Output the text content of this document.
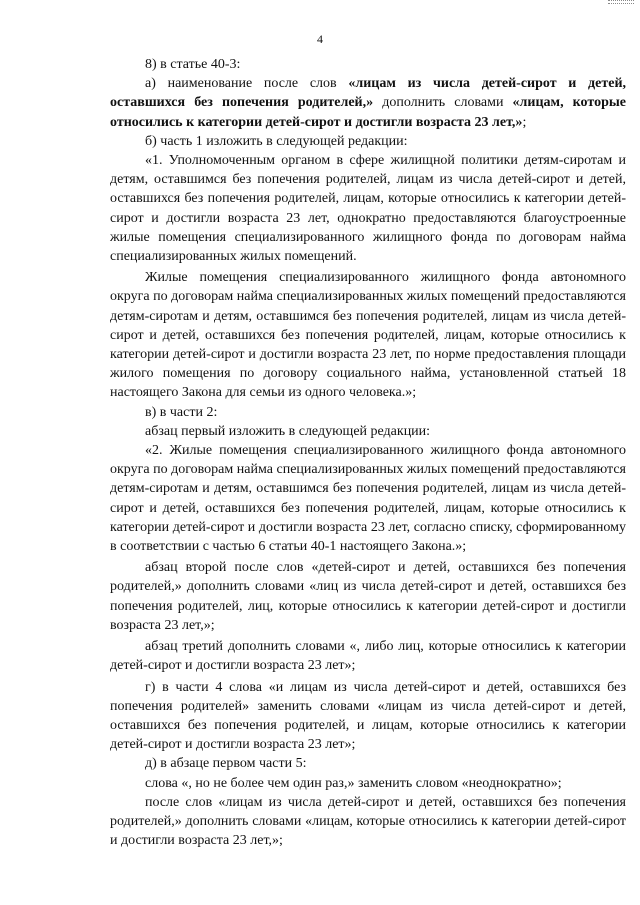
4

8) в статье 40-3:

а) наименование после слов «лицам из числа детей-сирот и детей, оставшихся без попечения родителей,» дополнить словами «лицам, которые относились к категории детей-сирот и достигли возраста 23 лет,»;

б) часть 1 изложить в следующей редакции:

«1. Уполномоченным органом в сфере жилищной политики детям-сиротам и детям, оставшимся без попечения родителей, лицам из числа детей-сирот и детей, оставшихся без попечения родителей, лицам, которые относились к категории детей-сирот и достигли возраста 23 лет, однократно предоставляются благоустроенные жилые помещения специализированного жилищного фонда по договорам найма специализированных жилых помещений.

Жилые помещения специализированного жилищного фонда автономного округа по договорам найма специализированных жилых помещений предоставляются детям-сиротам и детям, оставшимся без попечения родителей, лицам из числа детей-сирот и детей, оставшихся без попечения родителей, лицам, которые относились к категории детей-сирот и достигли возраста 23 лет, по норме предоставления площади жилого помещения по договору социального найма, установленной статьей 18 настоящего Закона для семьи из одного человека.»;

в) в части 2:

абзац первый изложить в следующей редакции:

«2. Жилые помещения специализированного жилищного фонда автономного округа по договорам найма специализированных жилых помещений предоставляются детям-сиротам и детям, оставшимся без попечения родителей, лицам из числа детей-сирот и детей, оставшихся без попечения родителей, лицам, которые относились к категории детей-сирот и достигли возраста 23 лет, согласно списку, сформированному в соответствии с частью 6 статьи 40-1 настоящего Закона.»;

абзац второй после слов «детей-сирот и детей, оставшихся без попечения родителей,» дополнить словами «лиц из числа детей-сирот и детей, оставшихся без попечения родителей, лиц, которые относились к категории детей-сирот и достигли возраста 23 лет,»;

абзац третий дополнить словами «, либо лиц, которые относились к категории детей-сирот и достигли возраста 23 лет»;

г) в части 4 слова «и лицам из числа детей-сирот и детей, оставшихся без попечения родителей» заменить словами «лицам из числа детей-сирот и детей, оставшихся без попечения родителей, и лицам, которые относились к категории детей-сирот и достигли возраста 23 лет»;

д) в абзаце первом части 5:

слова «, но не более чем один раз,» заменить словом «неоднократно»;

после слов «лицам из числа детей-сирот и детей, оставшихся без попечения родителей,» дополнить словами «лицам, которые относились к категории детей-сирот и достигли возраста 23 лет,»;
